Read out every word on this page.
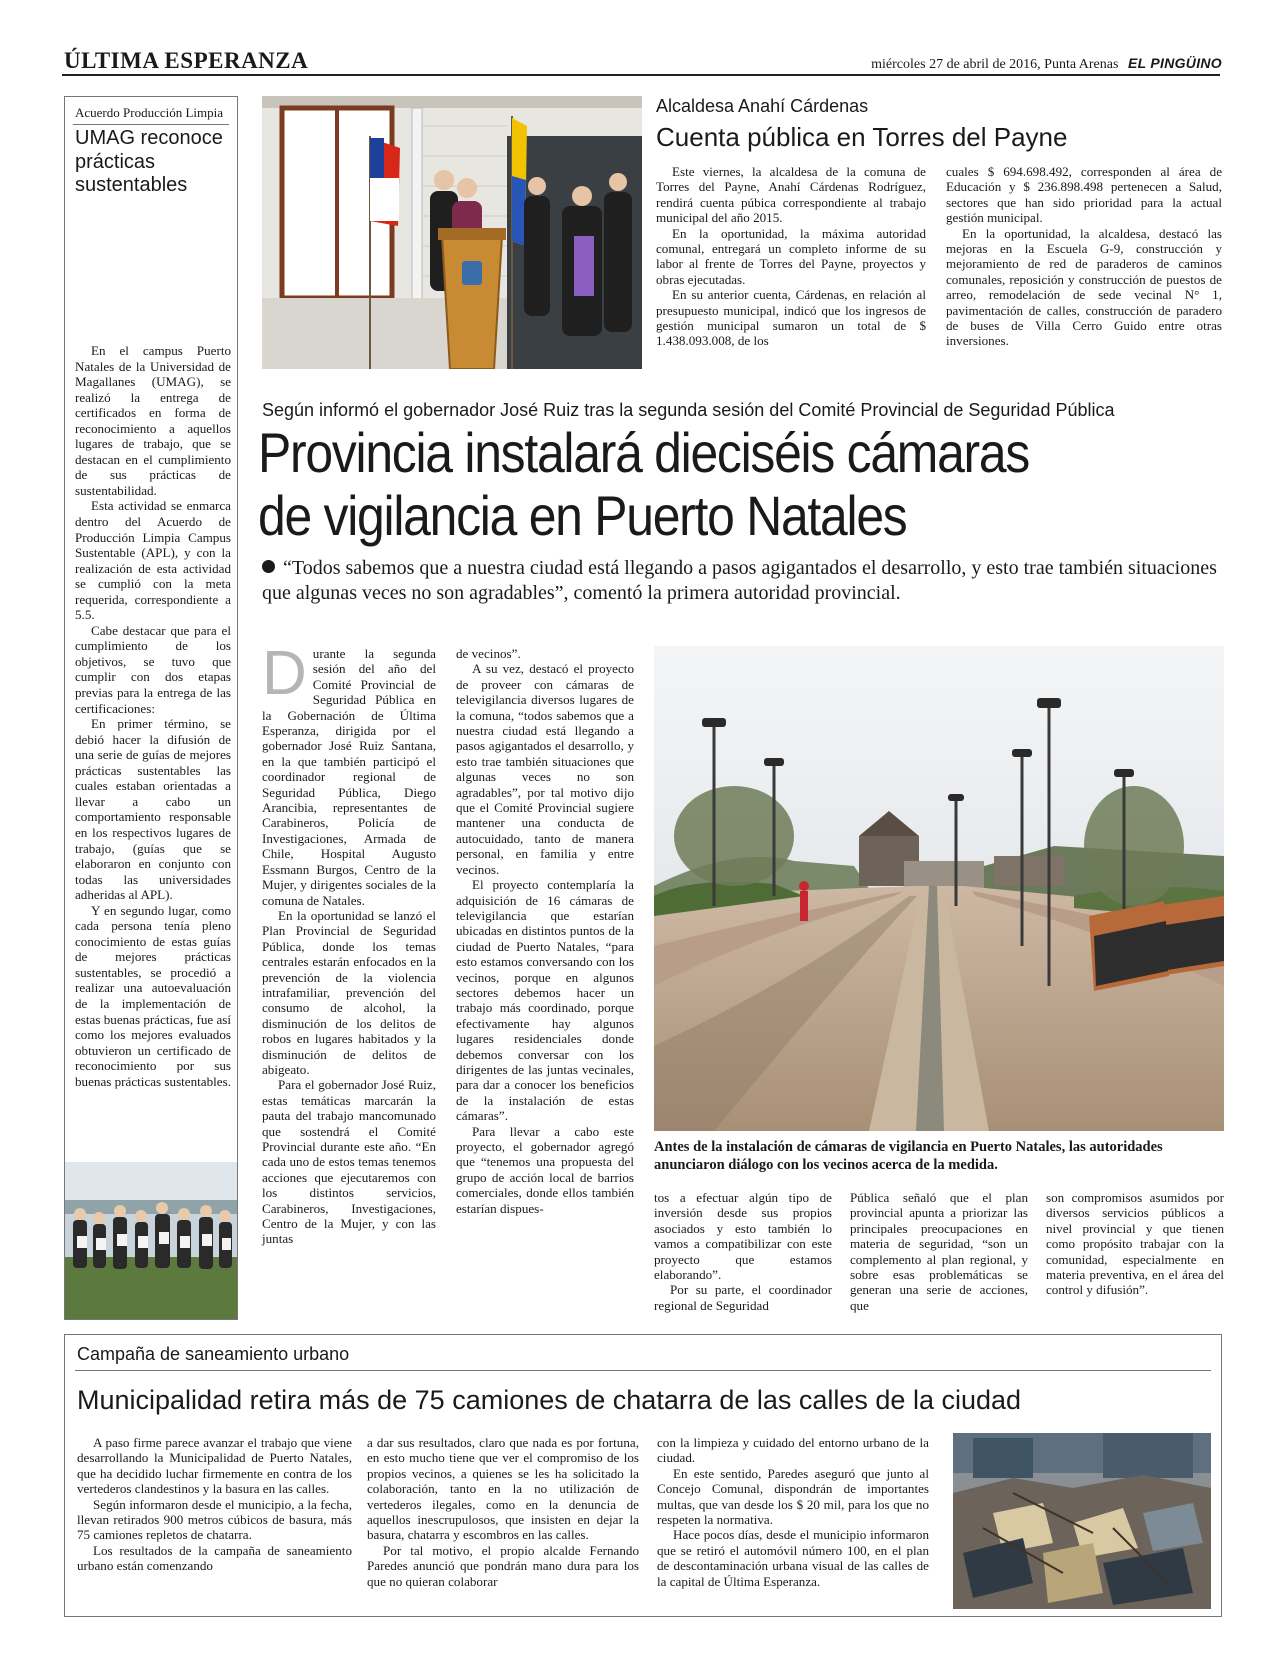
ÚLTIMA ESPERANZA	miércoles 27 de abril de 2016, Punta Arenas EL PINGÜINO
Acuerdo Producción Limpia
UMAG reconoce prácticas sustentables

En el campus Puerto Natales de la Universidad de Magallanes (UMAG), se realizó la entrega de certificados en forma de reconocimiento a aquellos lugares de trabajo, que se destacan en el cumplimiento de sus prácticas de sustentabilidad.

Esta actividad se enmarca dentro del Acuerdo de Producción Limpia Campus Sustentable (APL), y con la realización de esta actividad se cumplió con la meta requerida, correspondiente a 5.5.

Cabe destacar que para el cumplimiento de los objetivos, se tuvo que cumplir con dos etapas previas para la entrega de las certificaciones:

En primer término, se debió hacer la difusión de una serie de guías de mejores prácticas sustentables las cuales estaban orientadas a llevar a cabo un comportamiento responsable en los respectivos lugares de trabajo, (guías que se elaboraron en conjunto con todas las universidades adheridas al APL).

Y en segundo lugar, como cada persona tenía pleno conocimiento de estas guías de mejores prácticas sustentables, se procedió a realizar una autoevaluación de la implementación de estas buenas prácticas, fue así como los mejores evaluados obtuvieron un certificado de reconocimiento por sus buenas prácticas sustentables.

Alcaldesa Anahí Cárdenas
Cuenta pública en Torres del Payne

Este viernes, la alcaldesa de la comuna de Torres del Payne, Anahí Cárdenas Rodríguez, rendirá cuenta púbica correspondiente al trabajo municipal del año 2015.

En la oportunidad, la máxima autoridad comunal, entregará un completo informe de su labor al frente de Torres del Payne, proyectos y obras ejecutadas.

En su anterior cuenta, Cárdenas, en relación al presupuesto municipal, indicó que los ingresos de gestión municipal sumaron un total de $ 1.438.093.008, de los

cuales $ 694.698.492, corresponden al área de Educación y $ 236.898.498 pertenecen a Salud, sectores que han sido prioridad para la actual gestión municipal.

En la oportunidad, la alcaldesa, destacó las mejoras en la Escuela G-9, construcción y mejoramiento de red de paraderos de caminos comunales, reposición y construcción de puestos de arreo, remodelación de sede vecinal N° 1, pavimentación de calles, construcción de paradero de buses de Villa Cerro Guido entre otras inversiones.

Según informó el gobernador José Ruiz tras la segunda sesión del Comité Provincial de Seguridad Pública
Provincia instalará dieciséis cámaras
de vigilancia en Puerto Natales
“Todos sabemos que a nuestra ciudad está llegando a pasos agigantados el desarrollo, y esto trae también situaciones que algunas veces no son agradables”, comentó la primera autoridad provincial.

Durante la segunda sesión del año del Comité Provincial de Seguridad Pública en la Gobernación de Última Esperanza, dirigida por el gobernador José Ruiz Santana, en la que también participó el coordinador regional de Seguridad Pública, Diego Arancibia, representantes de Carabineros, Policía de Investigaciones, Armada de Chile, Hospital Augusto Essmann Burgos, Centro de la Mujer, y dirigentes sociales de la comuna de Natales.

En la oportunidad se lanzó el Plan Provincial de Seguridad Pública, donde los temas centrales estarán enfocados en la prevención de la violencia intrafamiliar, prevención del consumo de alcohol, la disminución de los delitos de robos en lugares habitados y la disminución de delitos de abigeato.

Para el gobernador José Ruiz, estas temáticas marcarán la pauta del trabajo mancomunado que sostendrá el Comité Provincial durante este año. “En cada uno de estos temas tenemos acciones que ejecutaremos con los distintos servicios, Carabineros, Investigaciones, Centro de la Mujer, y con las juntas

de vecinos”.

A su vez, destacó el proyecto de proveer con cámaras de televigilancia diversos lugares de la comuna, “todos sabemos que a nuestra ciudad está llegando a pasos agigantados el desarrollo, y esto trae también situaciones que algunas veces no son agradables”, por tal motivo dijo que el Comité Provincial sugiere mantener una conducta de autocuidado, tanto de manera personal, en familia y entre vecinos.

El proyecto contemplaría la adquisición de 16 cámaras de televigilancia que estarían ubicadas en distintos puntos de la ciudad de Puerto Natales, “para esto estamos conversando con los vecinos, porque en algunos sectores debemos hacer un trabajo más coordinado, porque efectivamente hay algunos lugares residenciales donde debemos conversar con los dirigentes de las juntas vecinales, para dar a conocer los beneficios de la instalación de estas cámaras”.

Para llevar a cabo este proyecto, el gobernador agregó que “tenemos una propuesta del grupo de acción local de barrios comerciales, donde ellos también estarían dispues-

Antes de la instalación de cámaras de vigilancia en Puerto Natales, las autoridades anunciaron diálogo con los vecinos acerca de la medida.

tos a efectuar algún tipo de inversión desde sus propios asociados y esto también lo vamos a compatibilizar con este proyecto que estamos elaborando”.

Por su parte, el coordinador regional de Seguridad

Pública señaló que el plan provincial apunta a priorizar las principales preocupaciones en materia de seguridad, “son un complemento al plan regional, y sobre esas problemáticas se generan una serie de acciones, que

son compromisos asumidos por diversos servicios públicos a nivel provincial y que tienen como propósito trabajar con la comunidad, especialmente en materia preventiva, en el área del control y difusión”.

Campaña de saneamiento urbano
Municipalidad retira más de 75 camiones de chatarra de las calles de la ciudad

A paso firme parece avanzar el trabajo que viene desarrollando la Municipalidad de Puerto Natales, que ha decidido luchar firmemente en contra de los vertederos clandestinos y la basura en las calles.

Según informaron desde el municipio, a la fecha, llevan retirados 900 metros cúbicos de basura, más 75 camiones repletos de chatarra.

Los resultados de la campaña de saneamiento urbano están comenzando

a dar sus resultados, claro que nada es por fortuna, en esto mucho tiene que ver el compromiso de los propios vecinos, a quienes se les ha solicitado la colaboración, tanto en la no utilización de vertederos ilegales, como en la denuncia de aquellos inescrupulosos, que insisten en dejar la basura, chatarra y escombros en las calles.

Por tal motivo, el propio alcalde Fernando Paredes anunció que pondrán mano dura para los que no quieran colaborar

con la limpieza y cuidado del entorno urbano de la ciudad.

En este sentido, Paredes aseguró que junto al Concejo Comunal, dispondrán de importantes multas, que van desde los $ 20 mil, para los que no respeten la normativa.

Hace pocos días, desde el municipio informaron que se retiró el automóvil número 100, en el plan de descontaminación urbana visual de las calles de la capital de Última Esperanza.
